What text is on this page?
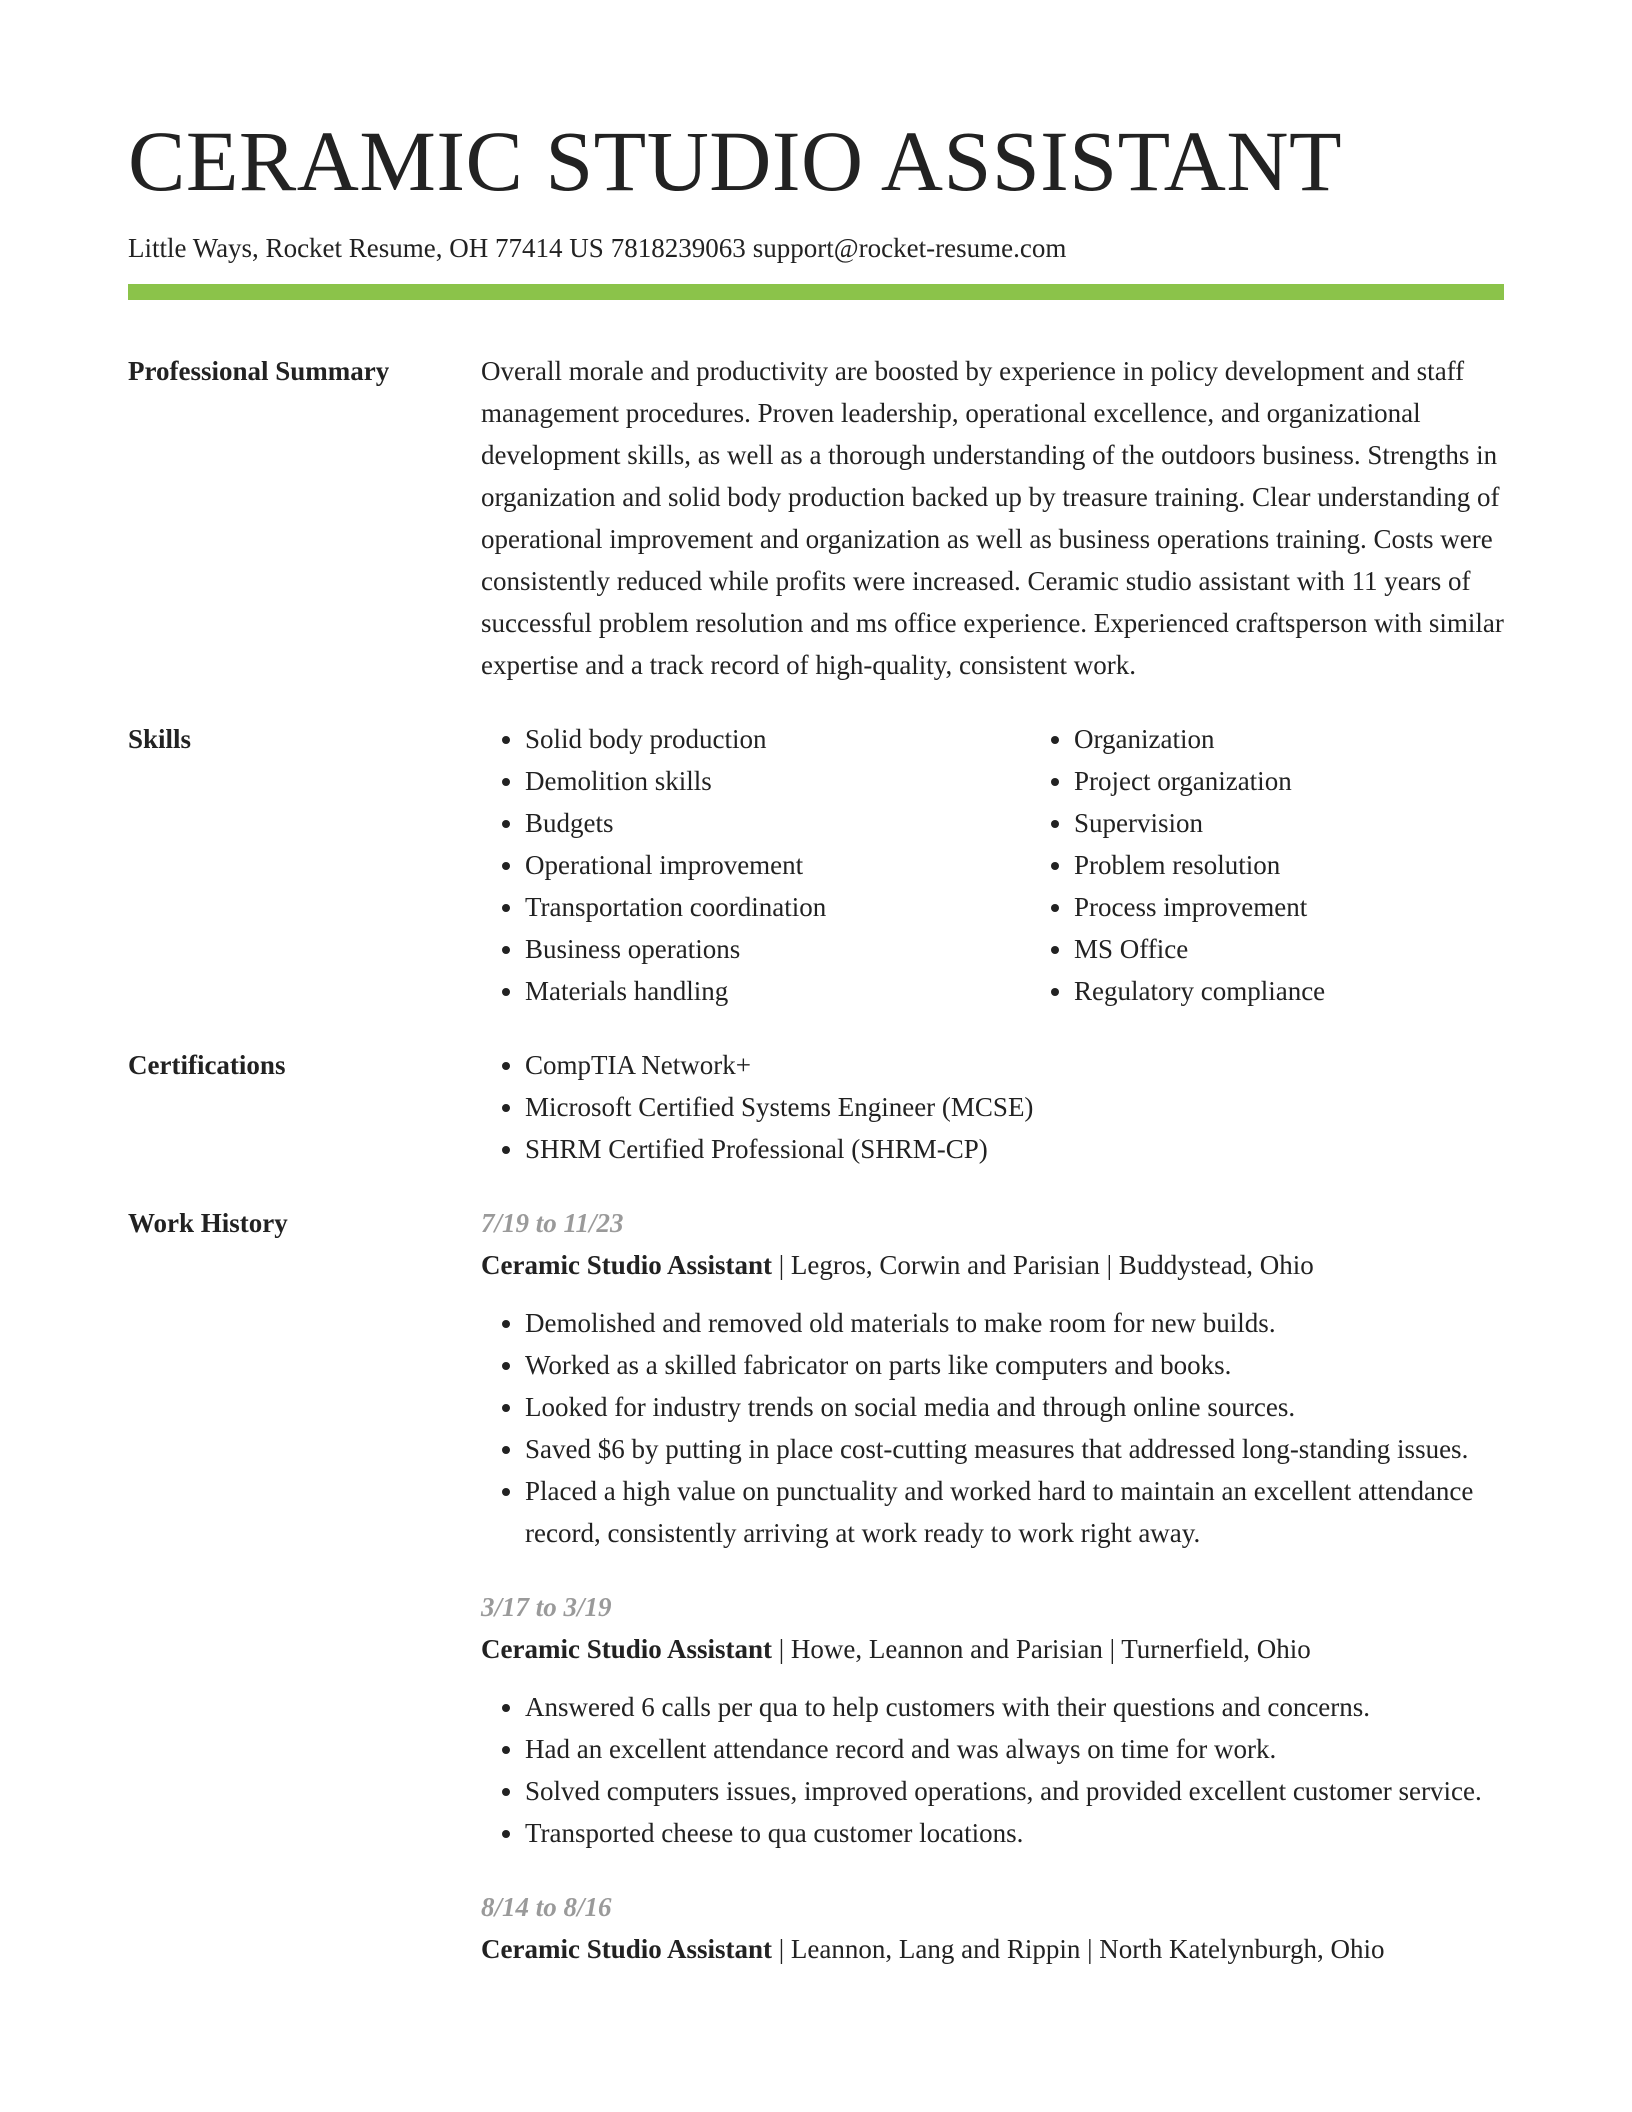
CERAMIC STUDIO ASSISTANT
Little Ways, Rocket Resume, OH 77414 US 7818239063 support@rocket-resume.com
Professional Summary	Overall morale and productivity are boosted by experience in policy development and staff management procedures. Proven leadership, operational excellence, and organizational development skills, as well as a thorough understanding of the outdoors business. Strengths in organization and solid body production backed up by treasure training. Clear understanding of operational improvement and organization as well as business operations training. Costs were consistently reduced while profits were increased. Ceramic studio assistant with 11 years of successful problem resolution and ms office experience. Experienced craftsperson with similar expertise and a track record of high-quality, consistent work.

Skills	• Solid body production
• Demolition skills
• Budgets
• Operational improvement
• Transportation coordination
• Business operations
• Materials handling
• Organization
• Project organization
• Supervision
• Problem resolution
• Process improvement
• MS Office
• Regulatory compliance
Certifications	• CompTIA Network+
• Microsoft Certified Systems Engineer (MCSE)
• SHRM Certified Professional (SHRM-CP)
Work History	7/19 to 11/23
Ceramic Studio Assistant | Legros, Corwin and Parisian | Buddystead, Ohio
• Demolished and removed old materials to make room for new builds.
• Worked as a skilled fabricator on parts like computers and books.
• Looked for industry trends on social media and through online sources.
• Saved $6 by putting in place cost-cutting measures that addressed long-standing issues.
• Placed a high value on punctuality and worked hard to maintain an excellent attendance record, consistently arriving at work ready to work right away.
3/17 to 3/19
Ceramic Studio Assistant | Howe, Leannon and Parisian | Turnerfield, Ohio
• Answered 6 calls per qua to help customers with their questions and concerns.
• Had an excellent attendance record and was always on time for work.
• Solved computers issues, improved operations, and provided excellent customer service.
• Transported cheese to qua customer locations.
8/14 to 8/16
Ceramic Studio Assistant | Leannon, Lang and Rippin | North Katelynburgh, Ohio
